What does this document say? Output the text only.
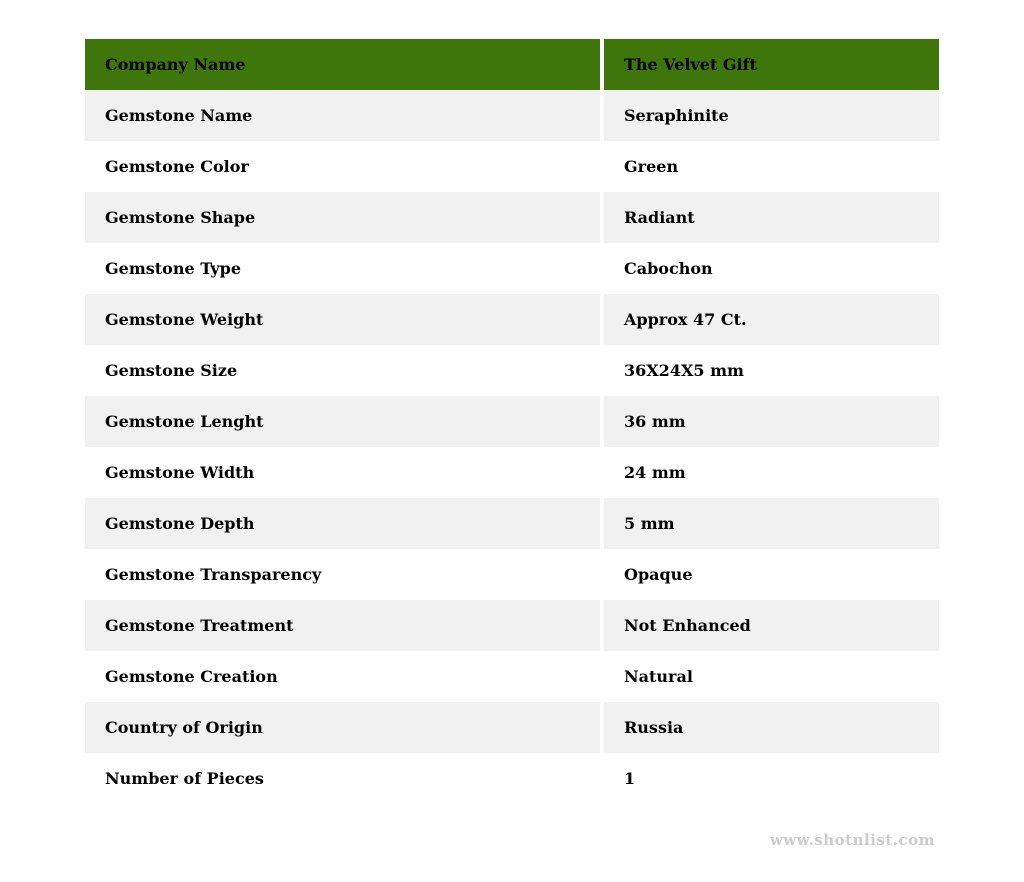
Company Name	The Velvet Gift
Gemstone Name	Seraphinite
Gemstone Color	Green
Gemstone Shape	Radiant
Gemstone Type	Cabochon
Gemstone Weight	Approx 47 Ct.
Gemstone Size	36X24X5 mm
Gemstone Lenght	36 mm
Gemstone Width	24 mm
Gemstone Depth	5 mm
Gemstone Transparency	Opaque
Gemstone Treatment	Not Enhanced
Gemstone Creation	Natural
Country of Origin	Russia
Number of Pieces	1
www.shotnlist.com
